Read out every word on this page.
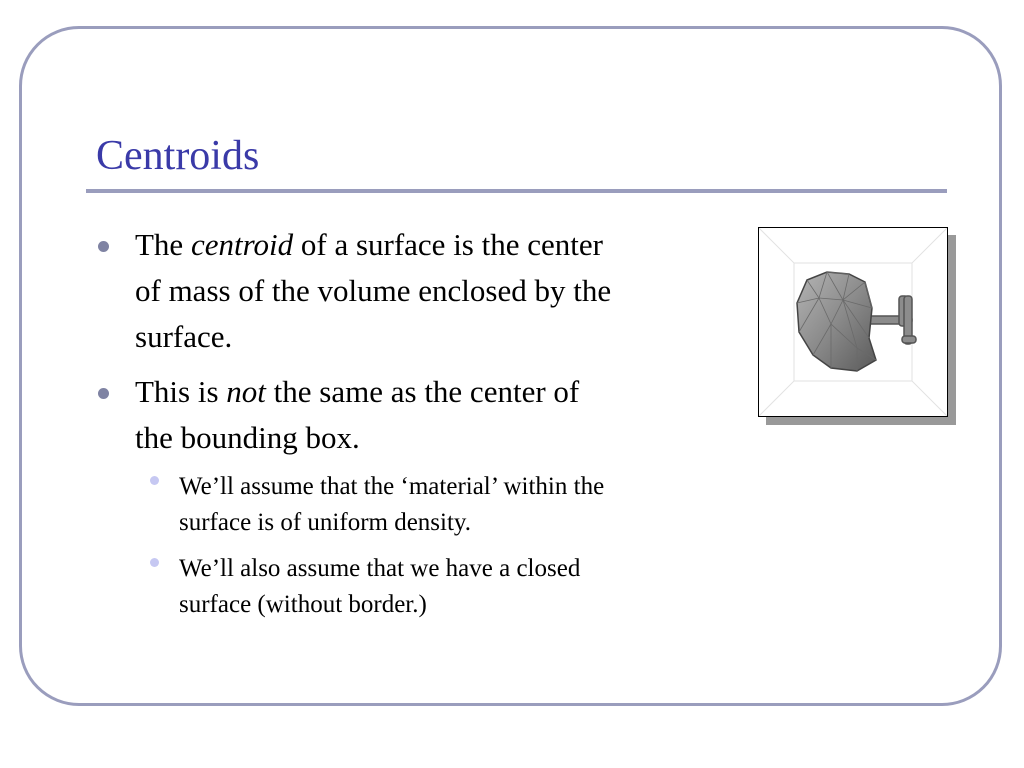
Centroids
The centroid of a surface is the center
of mass of the volume enclosed by the
surface.
This is not the same as the center of
the bounding box.
We’ll assume that the ‘material’ within the
surface is of uniform density.
We’ll also assume that we have a closed
surface (without border.)
